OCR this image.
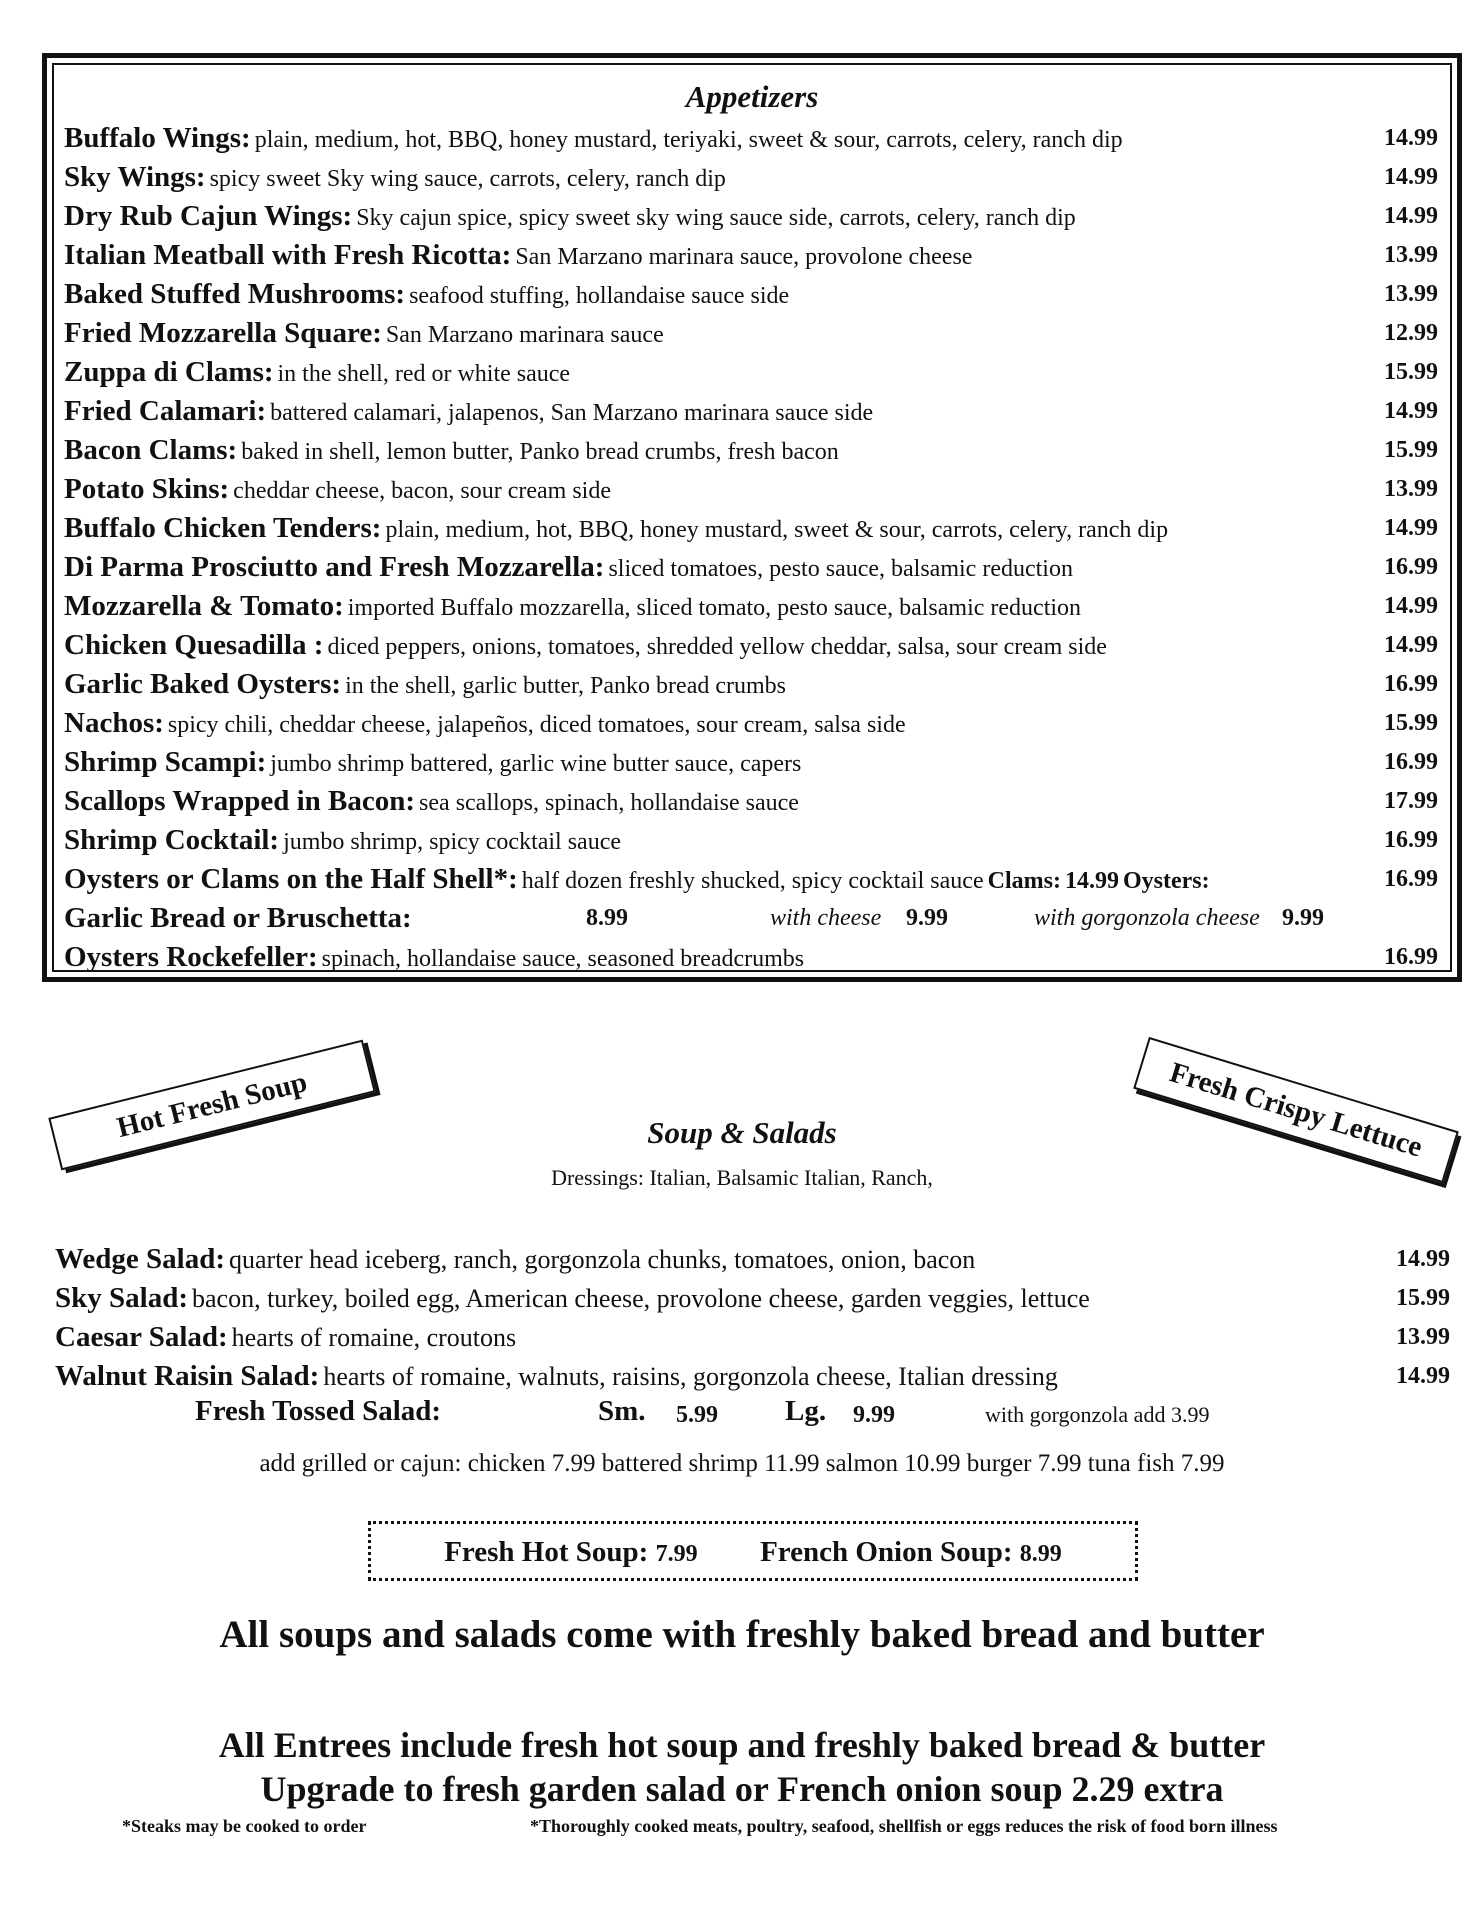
Appetizers
Buffalo Wings: plain, medium, hot, BBQ, honey mustard, teriyaki, sweet & sour, carrots, celery, ranch dip	14.99
Sky Wings: spicy sweet Sky wing sauce, carrots, celery, ranch dip	14.99
Dry Rub Cajun Wings: Sky cajun spice, spicy sweet sky wing sauce side, carrots, celery, ranch dip	14.99
Italian Meatball with Fresh Ricotta: San Marzano marinara sauce, provolone cheese	13.99
Baked Stuffed Mushrooms: seafood stuffing, hollandaise sauce side	13.99
Fried Mozzarella Square: San Marzano marinara sauce	12.99
Zuppa di Clams: in the shell, red or white sauce	15.99
Fried Calamari: battered calamari, jalapenos, San Marzano marinara sauce side	14.99
Bacon Clams: baked in shell, lemon butter, Panko bread crumbs, fresh bacon	15.99
Potato Skins: cheddar cheese, bacon, sour cream side	13.99
Buffalo Chicken Tenders: plain, medium, hot, BBQ, honey mustard, sweet & sour, carrots, celery, ranch dip	14.99
Di Parma Prosciutto and Fresh Mozzarella: sliced tomatoes, pesto sauce, balsamic reduction	16.99
Mozzarella & Tomato: imported Buffalo mozzarella, sliced tomato, pesto sauce, balsamic reduction	14.99
Chicken Quesadilla : diced peppers, onions, tomatoes, shredded yellow cheddar, salsa, sour cream side	14.99
Garlic Baked Oysters: in the shell, garlic butter, Panko bread crumbs	16.99
Nachos: spicy chili, cheddar cheese, jalapeños, diced tomatoes, sour cream, salsa side	15.99
Shrimp Scampi: jumbo shrimp battered, garlic wine butter sauce, capers	16.99
Scallops Wrapped in Bacon: sea scallops, spinach, hollandaise sauce	17.99
Shrimp Cocktail: jumbo shrimp, spicy cocktail sauce	16.99
Oysters or Clams on the Half Shell*: half dozen freshly shucked, spicy cocktail sauce Clams: 14.99 Oysters:	16.99
Garlic Bread or Bruschetta:	8.99	with cheese 9.99	with gorgonzola cheese 9.99
Oysters Rockefeller: spinach, hollandaise sauce, seasoned breadcrumbs	16.99
Hot Fresh Soup	Fresh Crispy Lettuce
Soup & Salads
Dressings: Italian, Balsamic Italian, Ranch,
Wedge Salad: quarter head iceberg, ranch, gorgonzola chunks, tomatoes, onion, bacon	14.99
Sky Salad: bacon, turkey, boiled egg, American cheese, provolone cheese, garden veggies, lettuce	15.99
Caesar Salad: hearts of romaine, croutons	13.99
Walnut Raisin Salad: hearts of romaine, walnuts, raisins, gorgonzola cheese, Italian dressing	14.99
Fresh Tossed Salad:	Sm. 5.99 Lg. 9.99	with gorgonzola add 3.99
add grilled or cajun: chicken 7.99 battered shrimp 11.99 salmon 10.99 burger 7.99 tuna fish 7.99
Fresh Hot Soup: 7.99 French Onion Soup: 8.99
All soups and salads come with freshly baked bread and butter
All Entrees include fresh hot soup and freshly baked bread & butter
Upgrade to fresh garden salad or French onion soup 2.29 extra
*Steaks may be cooked to order	*Thoroughly cooked meats, poultry, seafood, shellfish or eggs reduces the risk of food born illness
